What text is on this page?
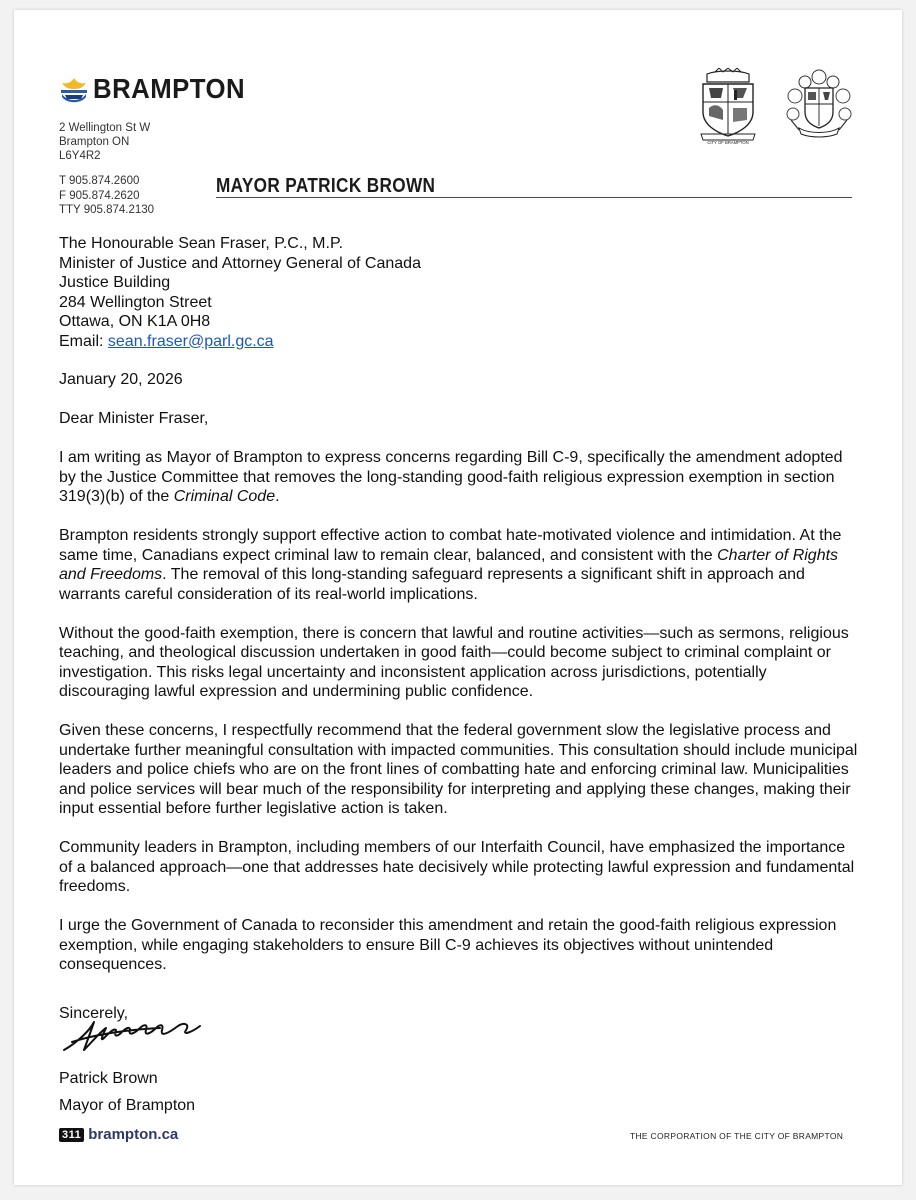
BRAMPTON
2 Wellington St W
Brampton ON
L6Y4R2
T 905.874.2600
F 905.874.2620
TTY 905.874.2130
MAYOR PATRICK BROWN
CITY OF BRAMPTON

The Honourable Sean Fraser, P.C., M.P.

Minister of Justice and Attorney General of Canada

Justice Building

284 Wellington Street

Ottawa, ON K1A 0H8

Email: sean.fraser@parl.gc.ca

January 20, 2026

Dear Minister Fraser,

I am writing as Mayor of Brampton to express concerns regarding Bill C-9, specifically the amendment adopted by the Justice Committee that removes the long-standing good-faith religious expression exemption in section 319(3)(b) of the Criminal Code.

Brampton residents strongly support effective action to combat hate-motivated violence and intimidation. At the same time, Canadians expect criminal law to remain clear, balanced, and consistent with the Charter of Rights and Freedoms. The removal of this long-standing safeguard represents a significant shift in approach and warrants careful consideration of its real-world implications.

Without the good-faith exemption, there is concern that lawful and routine activities—such as sermons, religious teaching, and theological discussion undertaken in good faith—could become subject to criminal complaint or investigation. This risks legal uncertainty and inconsistent application across jurisdictions, potentially discouraging lawful expression and undermining public confidence.

Given these concerns, I respectfully recommend that the federal government slow the legislative process and undertake further meaningful consultation with impacted communities. This consultation should include municipal leaders and police chiefs who are on the front lines of combatting hate and enforcing criminal law. Municipalities and police services will bear much of the responsibility for interpreting and applying these changes, making their input essential before further legislative action is taken.

Community leaders in Brampton, including members of our Interfaith Council, have emphasized the importance of a balanced approach—one that addresses hate decisively while protecting lawful expression and fundamental freedoms.

I urge the Government of Canada to reconsider this amendment and retain the good-faith religious expression exemption, while engaging stakeholders to ensure Bill C-9 achieves its objectives without unintended consequences.

Sincerely,

Patrick Brown
Mayor of Brampton
311 brampton.ca	THE CORPORATION OF THE CITY OF BRAMPTON
